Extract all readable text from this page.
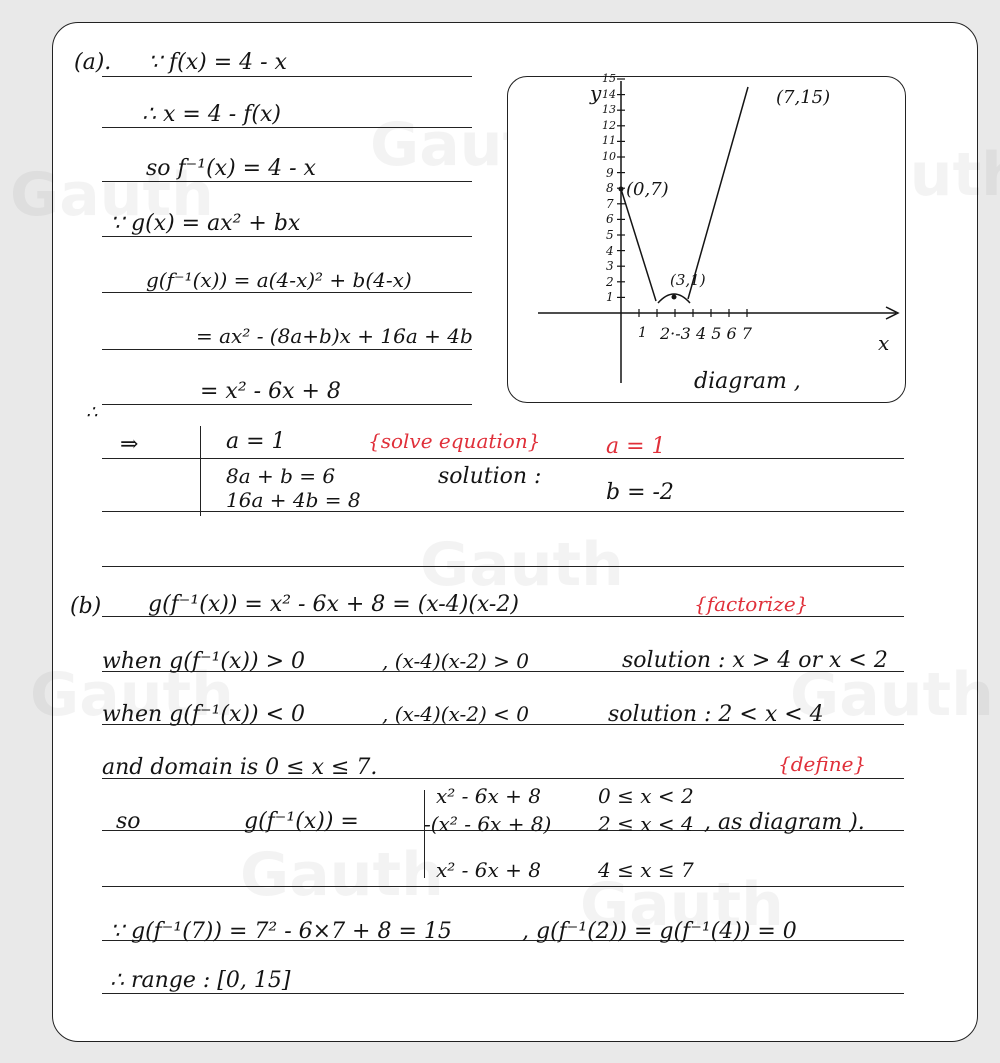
(a). ∵ f(x) = 4 - x
∴ x = 4 - f(x)
so f⁻¹(x) = 4 - x
∵ g(x) = ax² + bx
g(f⁻¹(x)) = a(4-x)² + b(4-x)
= ax² - (8a+b)x + 16a + 4b
= x² - 6x + 8
∴
⇒	a = 1
8a + b = 6
16a + 4b = 8
{solve equation}	a = 1
solution :
b = -2
y
x
diagram ,
(7,15)
(0,7)
(3,1)
1 2·-3 4 5 6 7
1
2
3
4
5
6
7
8
9
10
11
12
13
14
15
(b) g(f⁻¹(x)) = x² - 6x + 8 = (x-4)(x-2)	{factorize}
when g(f⁻¹(x)) > 0	, (x-4)(x-2) > 0	solution : x > 4 or x < 2
when g(f⁻¹(x)) < 0	, (x-4)(x-2) < 0	solution : 2 < x < 4
and domain is 0 ≤ x ≤ 7.	{define}
so	g(f⁻¹(x)) =
x² - 6x + 8	0 ≤ x < 2
-(x² - 6x + 8) 2 ≤ x < 4 , as diagram ).
x² - 6x + 8	4 ≤ x ≤ 7
∵ g(f⁻¹(7)) = 7² - 6×7 + 8 = 15	, g(f⁻¹(2)) = g(f⁻¹(4)) = 0
∴ range : [0, 15]
